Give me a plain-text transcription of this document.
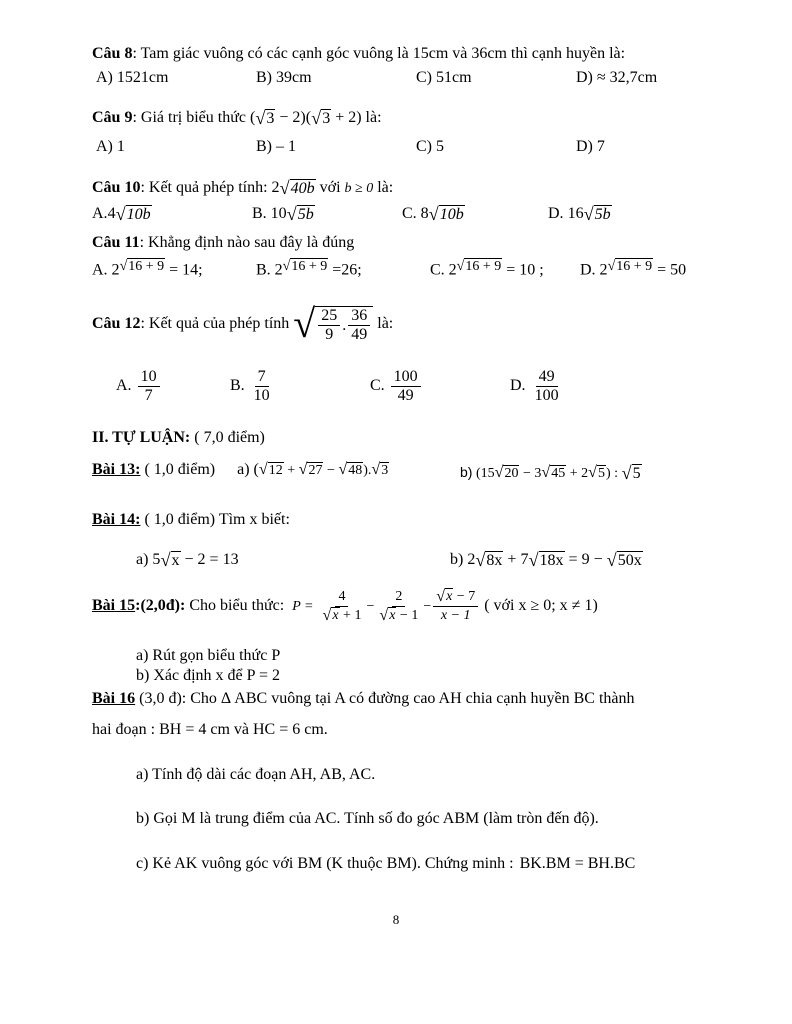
Câu 8: Tam giác vuông có các cạnh góc vuông là 15cm và 36cm thì cạnh huyền là:
A) 1521cm	B) 39cm	C) 51cm	D) ≈ 32,7cm
Câu 9: Giá trị biểu thức ( √ 3 − 2)( √ 3 + 2) là:
A) 1	B) – 1	C) 5	D) 7
Câu 10: Kết quả phép tính: 2 √ 40b với b ≥ 0 là:
A.4 √ 10b	B. 10 √ 5b	C. 8 √ 10b	D. 16 √ 5b
Câu 11: Khẳng định nào sau đây là đúng
A. 2 √ 16 + 9 = 14;	B. 2 √ 16 + 9 =26;	C. 2 √ 16 + 9 = 10 ; D. 2 √ 16 + 9 = 50
Câu 12: Kết quả của phép tính √ 25
9
.
36
49
là:
A. $\frac{10}{7}$	B. $\frac{7}{10}$	C. $\frac{100}{49}$	D. $\frac{49}{100}$
II. TỰ LUẬN: ( 7,0 điểm)
Bài 13: ( 1,0 điểm) a) ( √ 12 + √ 27 − √ 48 ). √ 3	b) (15 √ 20 − 3 √ 45 + 2 √ 5 ) : √ 5
Bài 14: ( 1,0 điểm) Tìm x biết:
a) 5 √ x − 2 = 13	b) 2 √ 8x + 7 √ 18x = 9 − √ 50x
Bài 15:(2,0đ): Cho biểu thức: $P = \frac{4}{√ x + 1} - \frac{2}{√ x - 1} - \frac{√ x - 7}{x - 1}$ ( với x ≥ 0; x ≠ 1)
a) Rút gọn biểu thức P
b) Xác định x để P = 2
Bài 16 (3,0 đ): Cho Δ ABC vuông tại A có đường cao AH chia cạnh huyền BC thành
hai đoạn : BH = 4 cm và HC = 6 cm.
a) Tính độ dài các đoạn AH, AB, AC.
b) Gọi M là trung điểm của AC. Tính số đo góc ABM (làm tròn đến độ).
c) Kẻ AK vuông góc với BM (K thuộc BM). Chứng minh : BK.BM = BH.BC
8
